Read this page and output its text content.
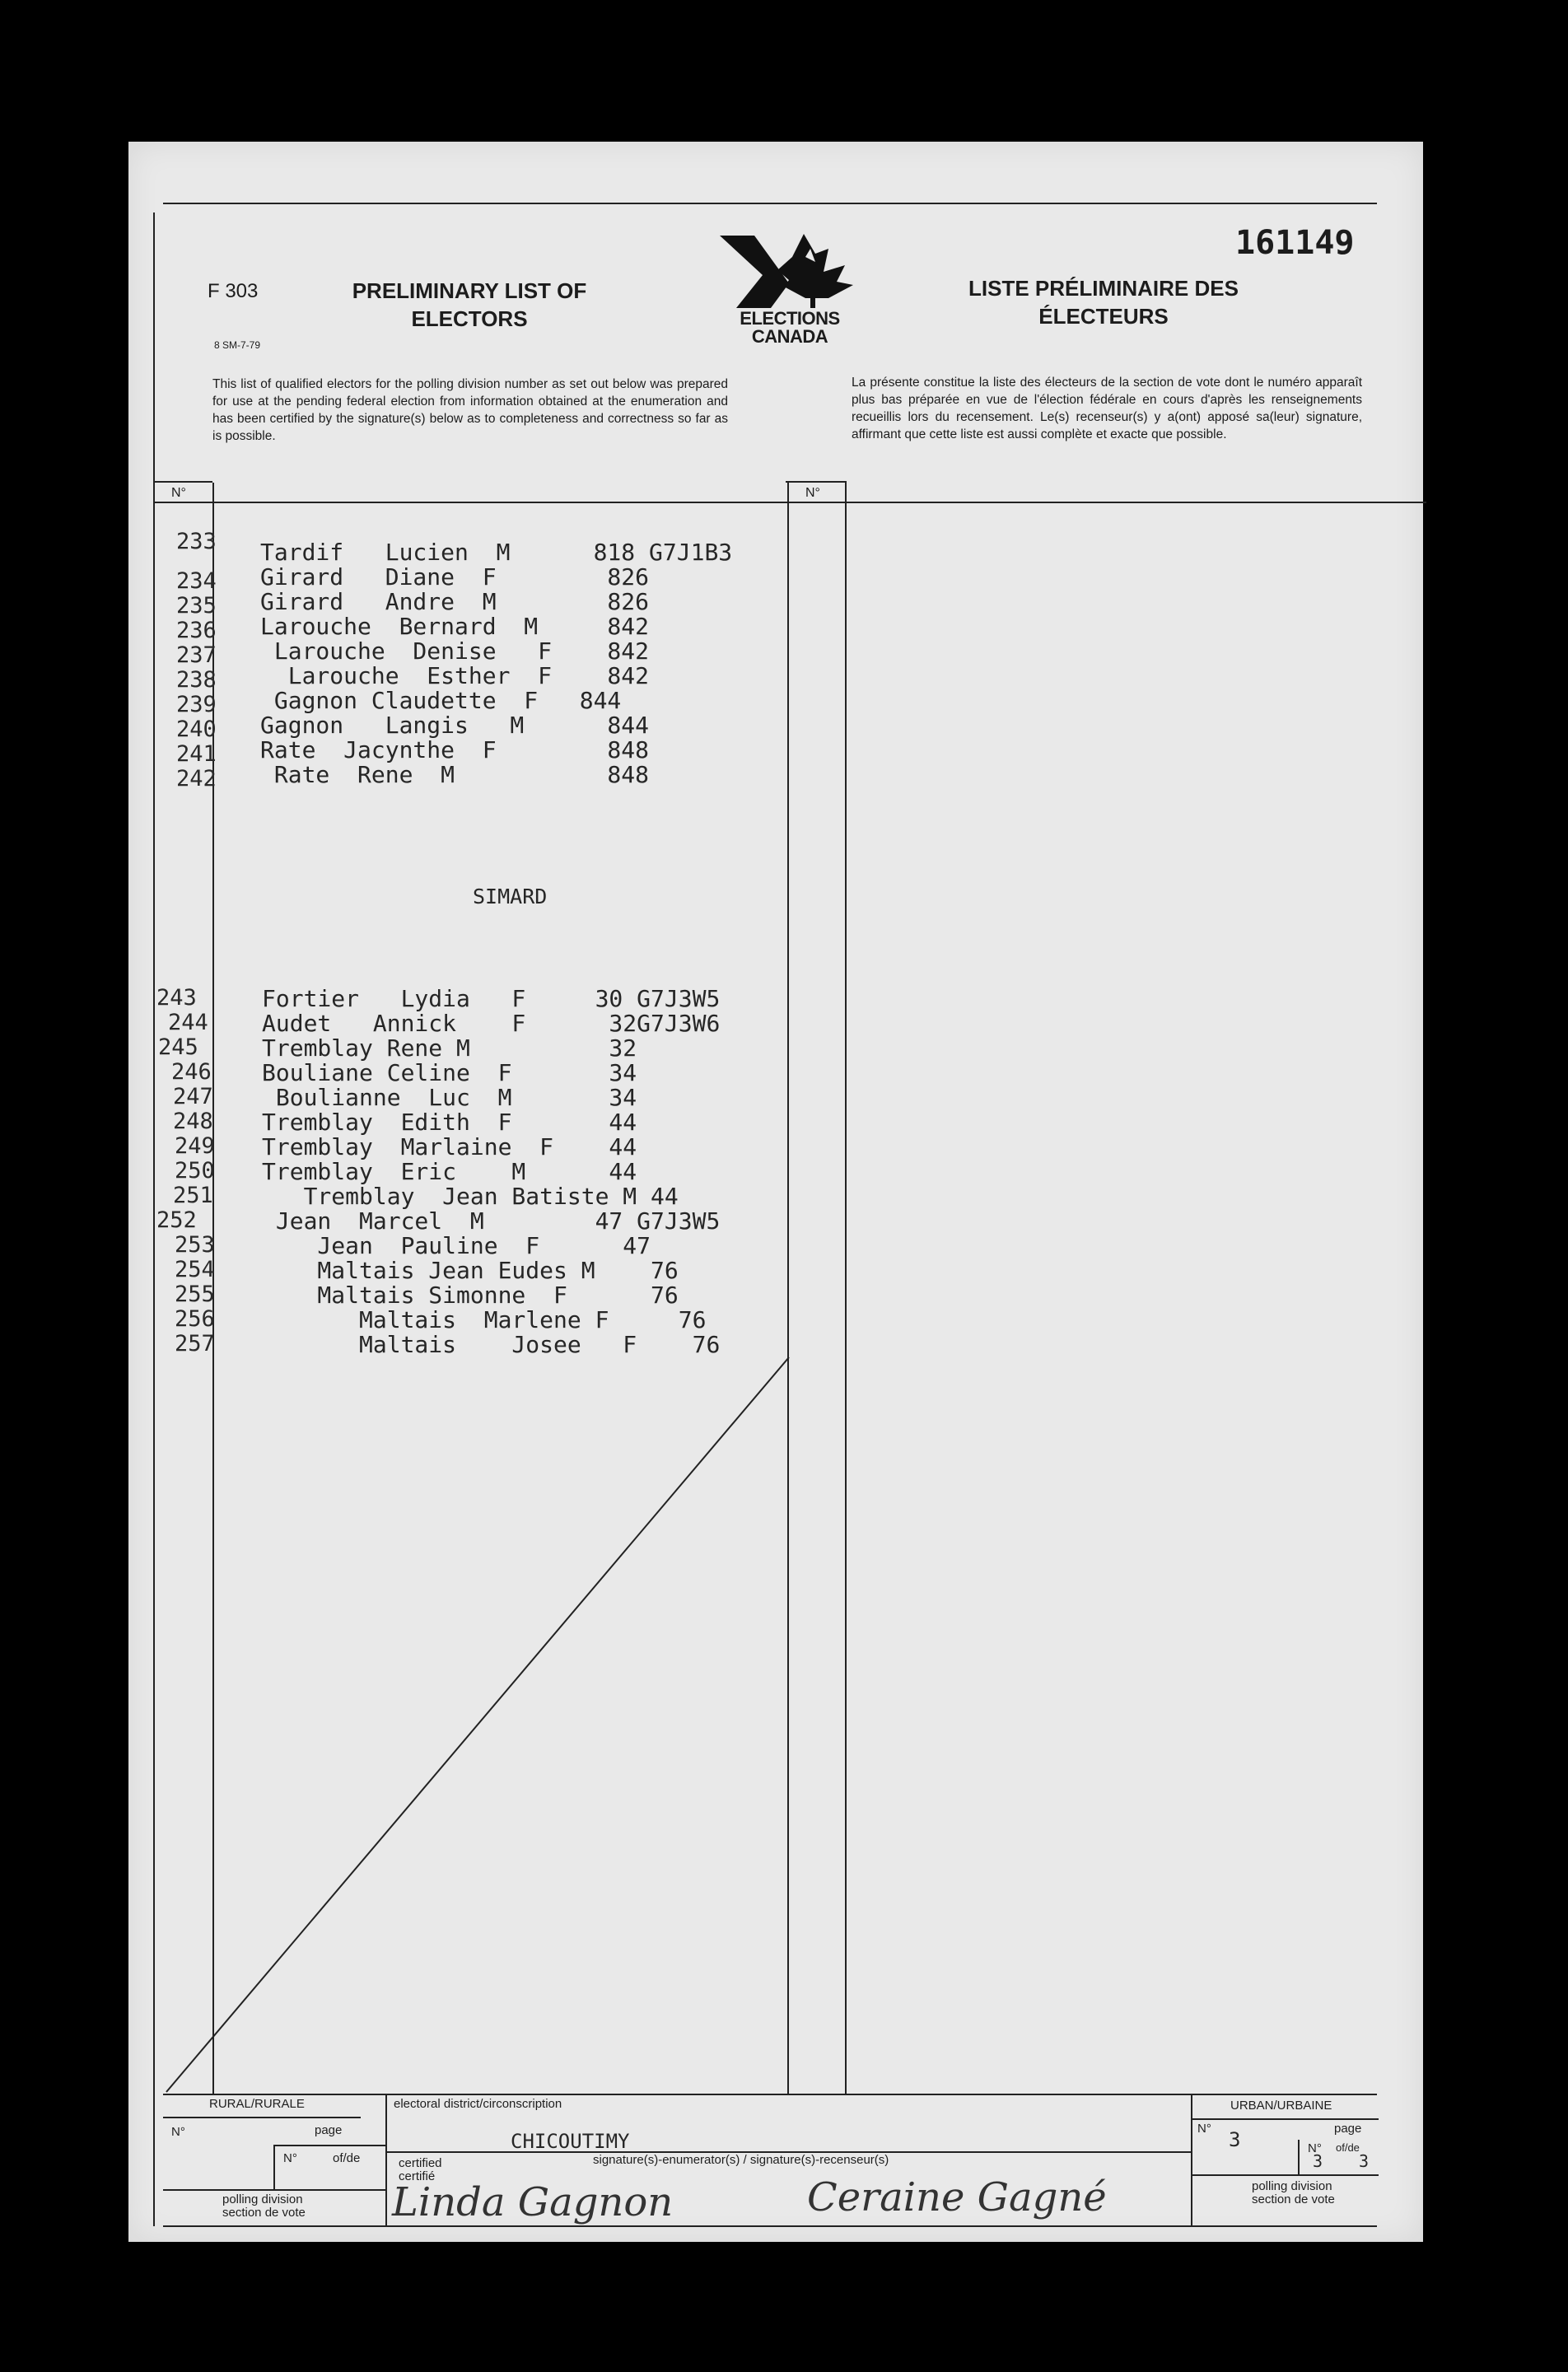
F 303	PRELIMINARY LIST OF ELECTORS
LISTE PRÉLIMINAIRE DES ÉLECTEURS
161149
8 SM-7-79
ELECTIONS CANADA
This list of qualified electors for the polling division number as set out below was prepared for use at the pending federal election from information obtained at the enumeration and has been certified by the signature(s) below as to completeness and correctness so far as is possible.
La présente constitue la liste des électeurs de la section de vote dont le numéro apparaît plus bas préparée en vue de l'élection fédérale en cours d'après les renseignements recueillis lors du recensement. Le(s) recenseur(s) y a(ont) apposé sa(leur) signature, affirmant que cette liste est aussi complète et exacte que possible.
N°	N°
233 Tardif   Lucien  M      818 G7J1B3
234 Girard   Diane  F        826
235 Girard   Andre  M        826
236 Larouche  Bernard  M     842
237 Larouche  Denise   F    842
238 Larouche  Esther  F    842
239 Gagnon Claudette  F   844
240 Gagnon   Langis   M      844
241 Rate  Jacynthe  F        848
242 Rate  Rene  M           848
SIMARD
243	Fortier   Lydia   F     30 G7J3W5
244 Audet   Annick    F      32G7J3W6
245	Tremblay Rene M          32
246 Bouliane Celine  F       34
247 Boulianne  Luc  M       34
248 Tremblay  Edith  F       44
249 Tremblay  Marlaine  F    44
250 Tremblay  Eric    M      44
251 Tremblay  Jean Batiste M 44
252	Jean  Marcel  M        47 G7J3W5
253 Jean  Pauline  F      47
254 Maltais Jean Eudes M    76
255 Maltais Simonne  F      76
256 Maltais  Marlene F     76
257 Maltais    Josee   F    76
RURAL/RURALE
N°	page
N°	of/de
polling division
section de vote
electoral district/circonscription
CHICOUTIMY
certified
certifié
signature(s)-enumerator(s) / signature(s)-recenseur(s)
Linda Gagnon	Ceraine Gagné
URBAN/URBAINE
N° 3	page
N°
3
of/de
3
polling division
section de vote
